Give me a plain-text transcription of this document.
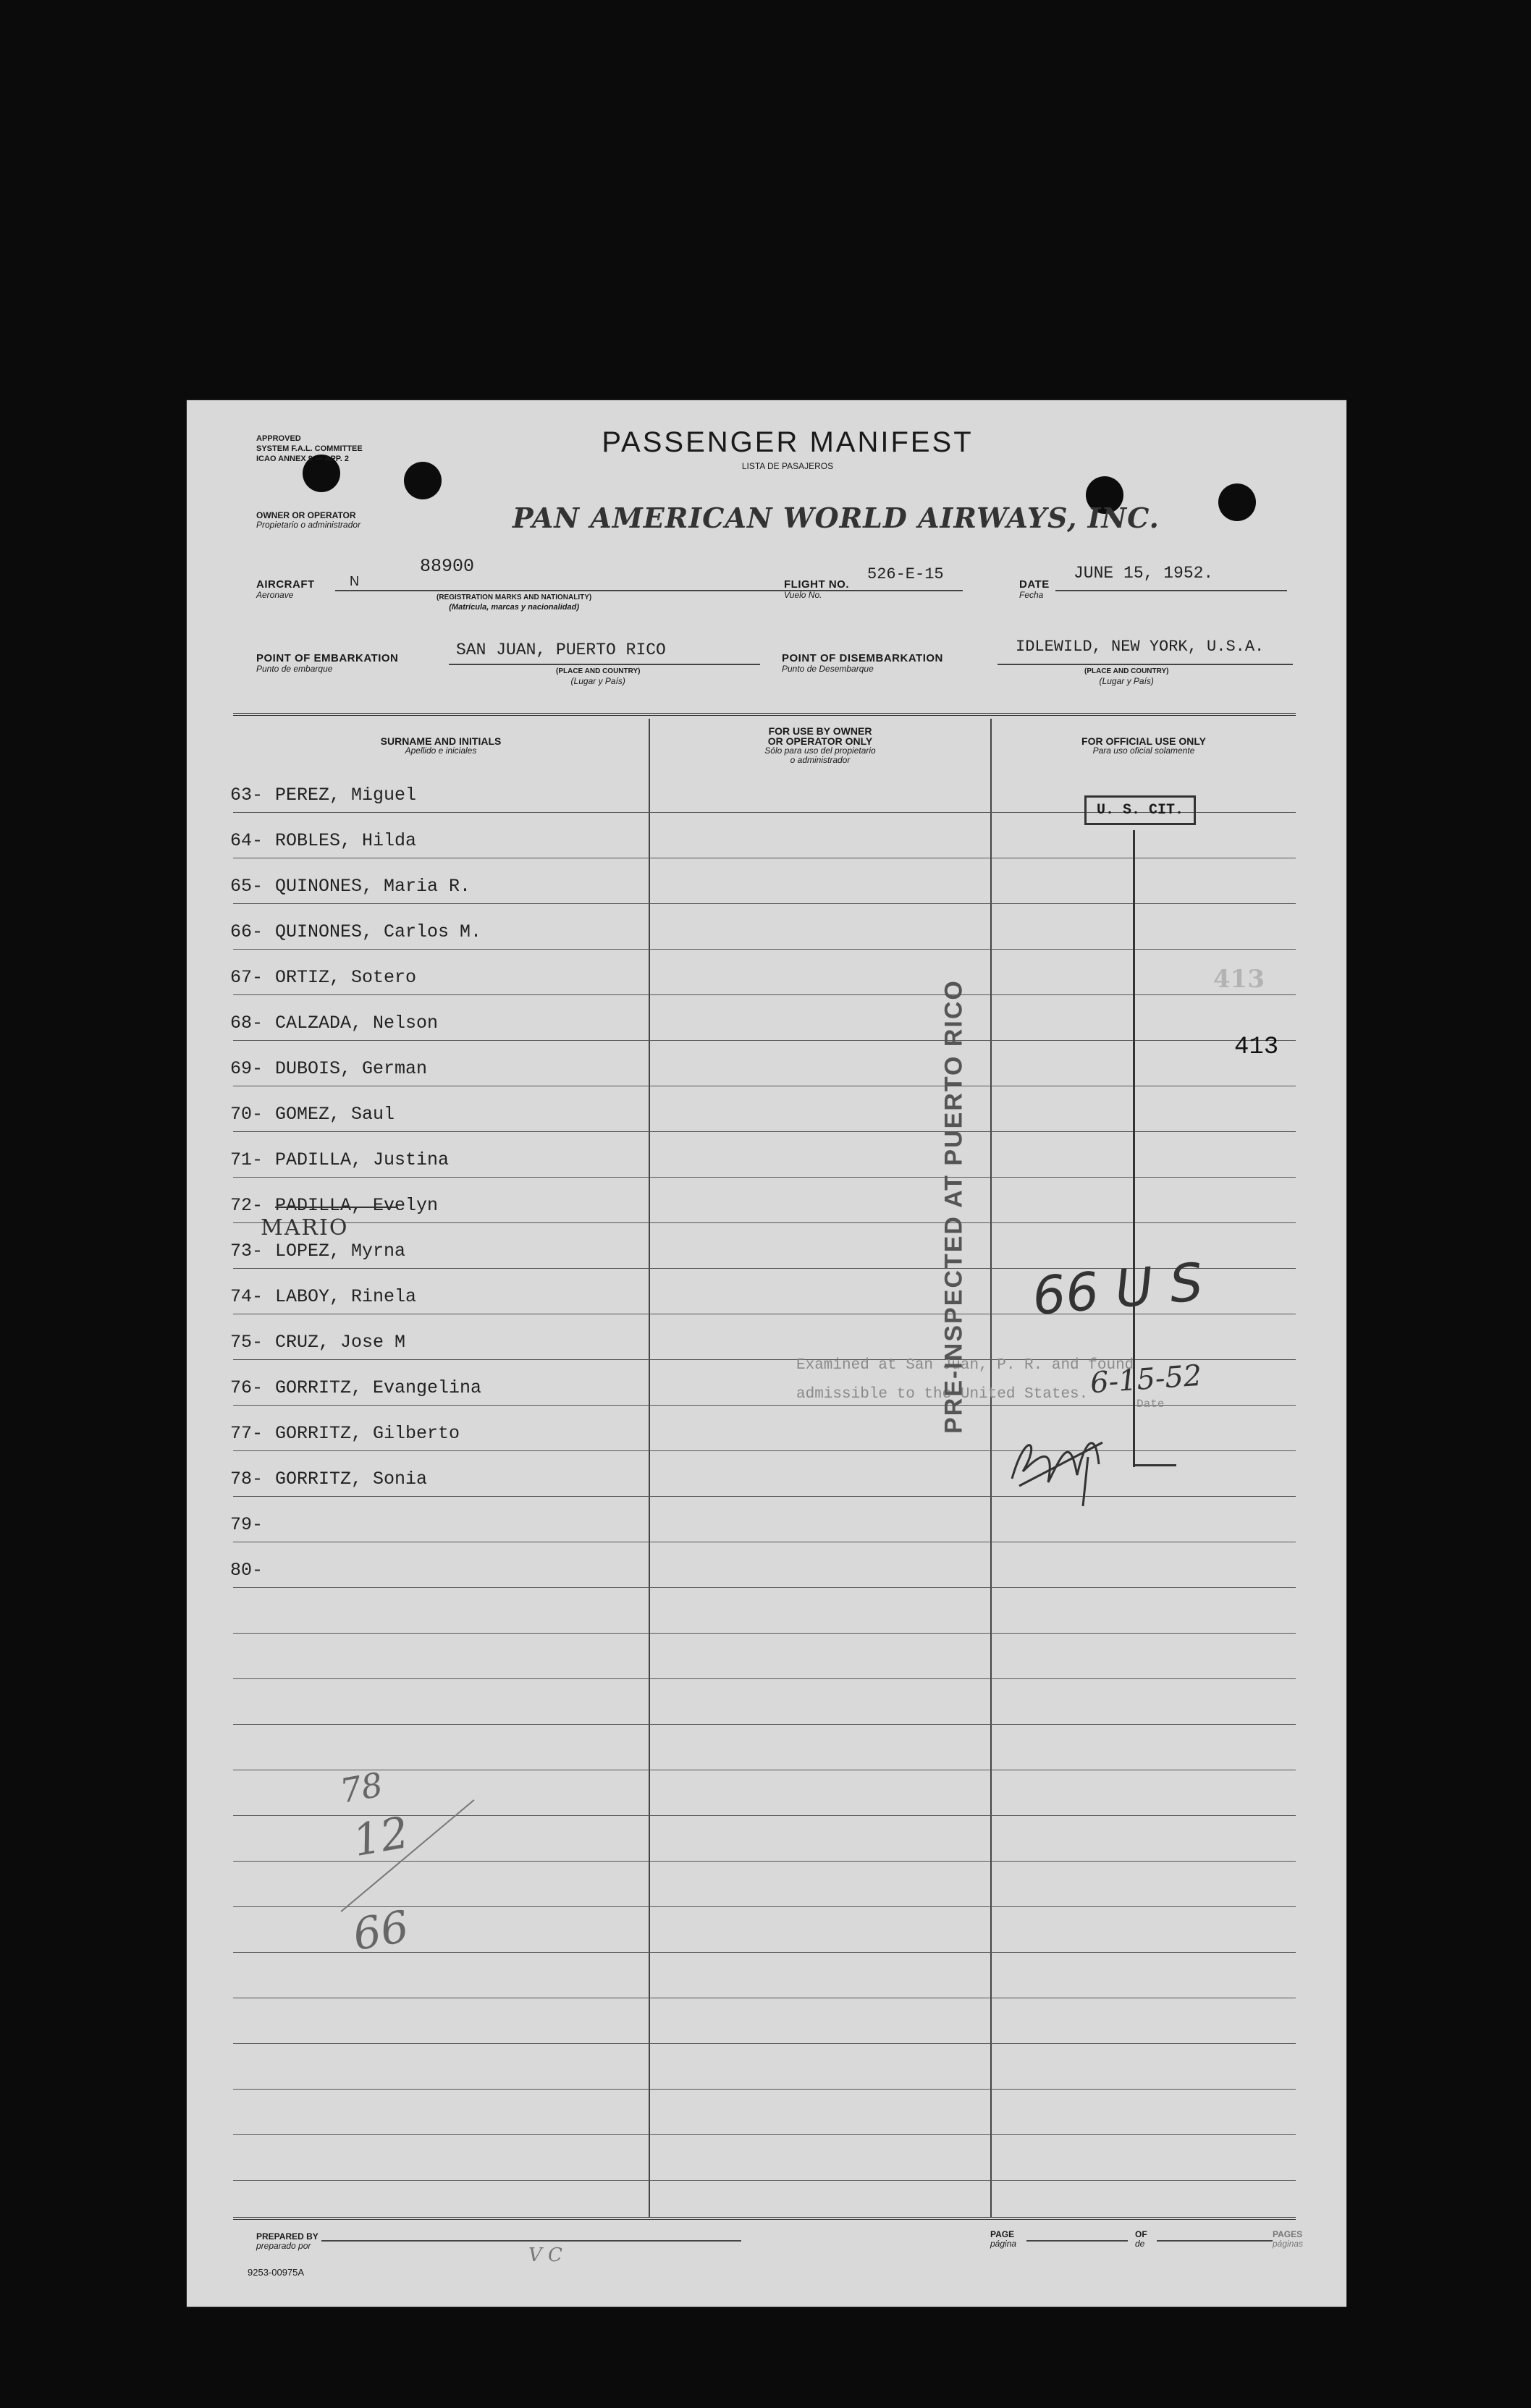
APPROVED
SYSTEM F.A.L. COMMITTEE
ICAO ANNEX 9 — APP. 2
PASSENGER MANIFEST
LISTA DE PASAJEROS
OWNER OR OPERATOR
Propietario o administrador	PAN AMERICAN WORLD AIRWAYS, INC.
AIRCRAFT
Aeronave
N
88900
(REGISTRATION MARKS AND NATIONALITY)
(Matrícula, marcas y nacionalidad)
FLIGHT NO.
Vuelo No.
526-E-15
DATE
Fecha
JUNE 15, 1952.
POINT OF EMBARKATION
Punto de embarque
SAN JUAN, PUERTO RICO
(PLACE AND COUNTRY)
(Lugar y País)
POINT OF DISEMBARKATION
Punto de Desembarque
IDLEWILD, NEW YORK, U.S.A.
(PLACE AND COUNTRY)
(Lugar y País)
SURNAME AND INITIALS
Apellido e iniciales
FOR USE BY OWNER
OR OPERATOR ONLY
Sólo para uso del propietario
o administrador
FOR OFFICIAL USE ONLY
Para uso oficial solamente
63- PEREZ, Miguel
64- ROBLES, Hilda
65- QUINONES, Maria R.
66- QUINONES, Carlos M.
67- ORTIZ, Sotero
68- CALZADA, Nelson
69- DUBOIS, German
70- GOMEZ, Saul
71- PADILLA, Justina
72- PADILLA, Evelyn
73- LOPEZ, Myrna
74- LABOY, Rinela
75- CRUZ, Jose M
76- GORRITZ, Evangelina
77- GORRITZ, Gilberto
78- GORRITZ, Sonia
79-
80-
MARIO
U. S. CIT.
413
413
66 U S
Examined at San Juan, P. R. and found
admissible to the United States. 6-15-52
Date
PRE-INSPECTED AT PUERTO RICO
78
12
66
PREPARED BY
preparado por	V C
PAGE
página
OF
de
PAGES
páginas
9253-00975A
